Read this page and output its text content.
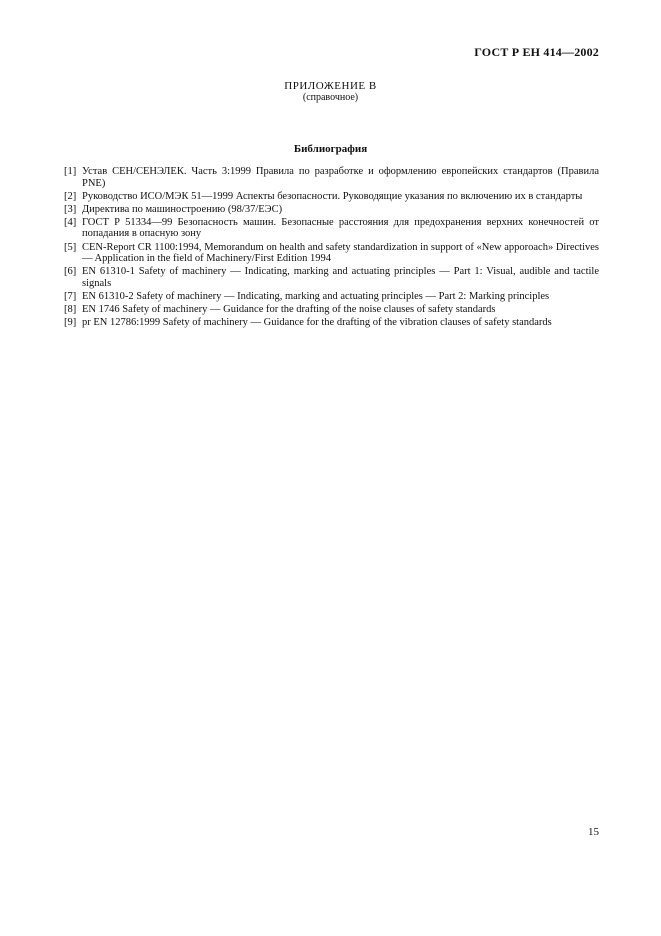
ГОСТ Р ЕН 414—2002
ПРИЛОЖЕНИЕ В
(справочное)
Библиография
[1] Устав СЕН/СЕНЭЛЕК. Часть 3:1999 Правила по разработке и оформлению европейских стандартов (Правила PNE)
[2] Руководство ИСО/МЭК 51—1999 Аспекты безопасности. Руководящие указания по включению их в стандарты
[3] Директива по машиностроению (98/37/ЕЭС)
[4] ГОСТ Р 51334—99 Безопасность машин. Безопасные расстояния для предохранения верхних конечностей от попадания в опасную зону
[5] CEN-Report CR 1100:1994, Memorandum on health and safety standardization in support of «New apporoach» Directives — Application in the field of Machinery/First Edition 1994
[6] EN 61310-1 Safety of machinery — Indicating, marking and actuating principles — Part 1: Visual, audible and tactile signals
[7] EN 61310-2 Safety of machinery — Indicating, marking and actuating principles — Part 2: Marking principles
[8] EN 1746 Safety of machinery — Guidance for the drafting of the noise clauses of safety standards
[9] pr EN 12786:1999 Safety of machinery — Guidance for the drafting of the vibration clauses of safety standards
15
